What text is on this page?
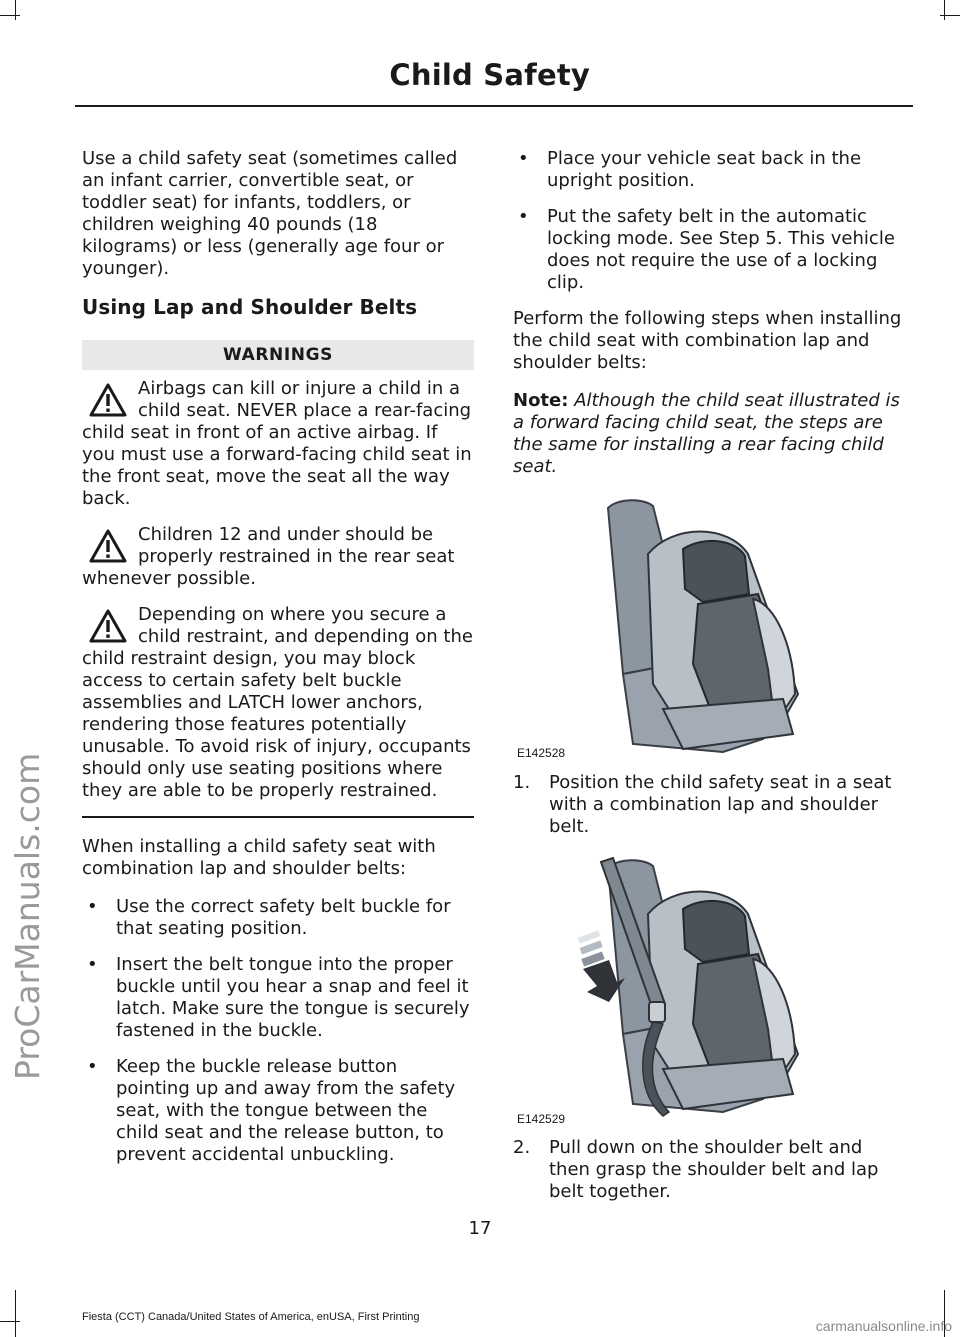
Child Safety
ProCarManuals.com

Use a child safety seat (sometimes called an infant carrier, convertible seat, or toddler seat) for infants, toddlers, or children weighing 40 pounds (18 kilograms) or less (generally age four or younger).

Using Lap and Shoulder Belts
WARNINGS
Airbags can kill or injure a child in a child seat. NEVER place a rear-facing child seat in front of an active airbag. If you must use a forward-facing child seat in the front seat, move the seat all the way back.
Children 12 and under should be properly restrained in the rear seat whenever possible.
Depending on where you secure a child restraint, and depending on the child restraint design, you may block access to certain safety belt buckle assemblies and LATCH lower anchors, rendering those features potentially unusable. To avoid risk of injury, occupants should only use seating positions where they are able to be properly restrained.

When installing a child safety seat with combination lap and shoulder belts:

• Use the correct safety belt buckle for that seating position.
• Insert the belt tongue into the proper buckle until you hear a snap and feel it latch. Make sure the tongue is securely fastened in the buckle.
• Keep the buckle release button pointing up and away from the safety seat, with the tongue between the child seat and the release button, to prevent accidental unbuckling.
• Place your vehicle seat back in the upright position.
• Put the safety belt in the automatic locking mode. See Step 5. This vehicle does not require the use of a locking clip.

Perform the following steps when installing the child seat with combination lap and shoulder belts:

Note: Although the child seat illustrated is a forward facing child seat, the steps are the same for installing a rear facing child seat.

E142528
1. Position the child safety seat in a seat with a combination lap and shoulder belt.
E142529
2. Pull down on the shoulder belt and then grasp the shoulder belt and lap belt together.
17
Fiesta (CCT) Canada/United States of America, enUSA, First Printing
carmanualsonline.info
